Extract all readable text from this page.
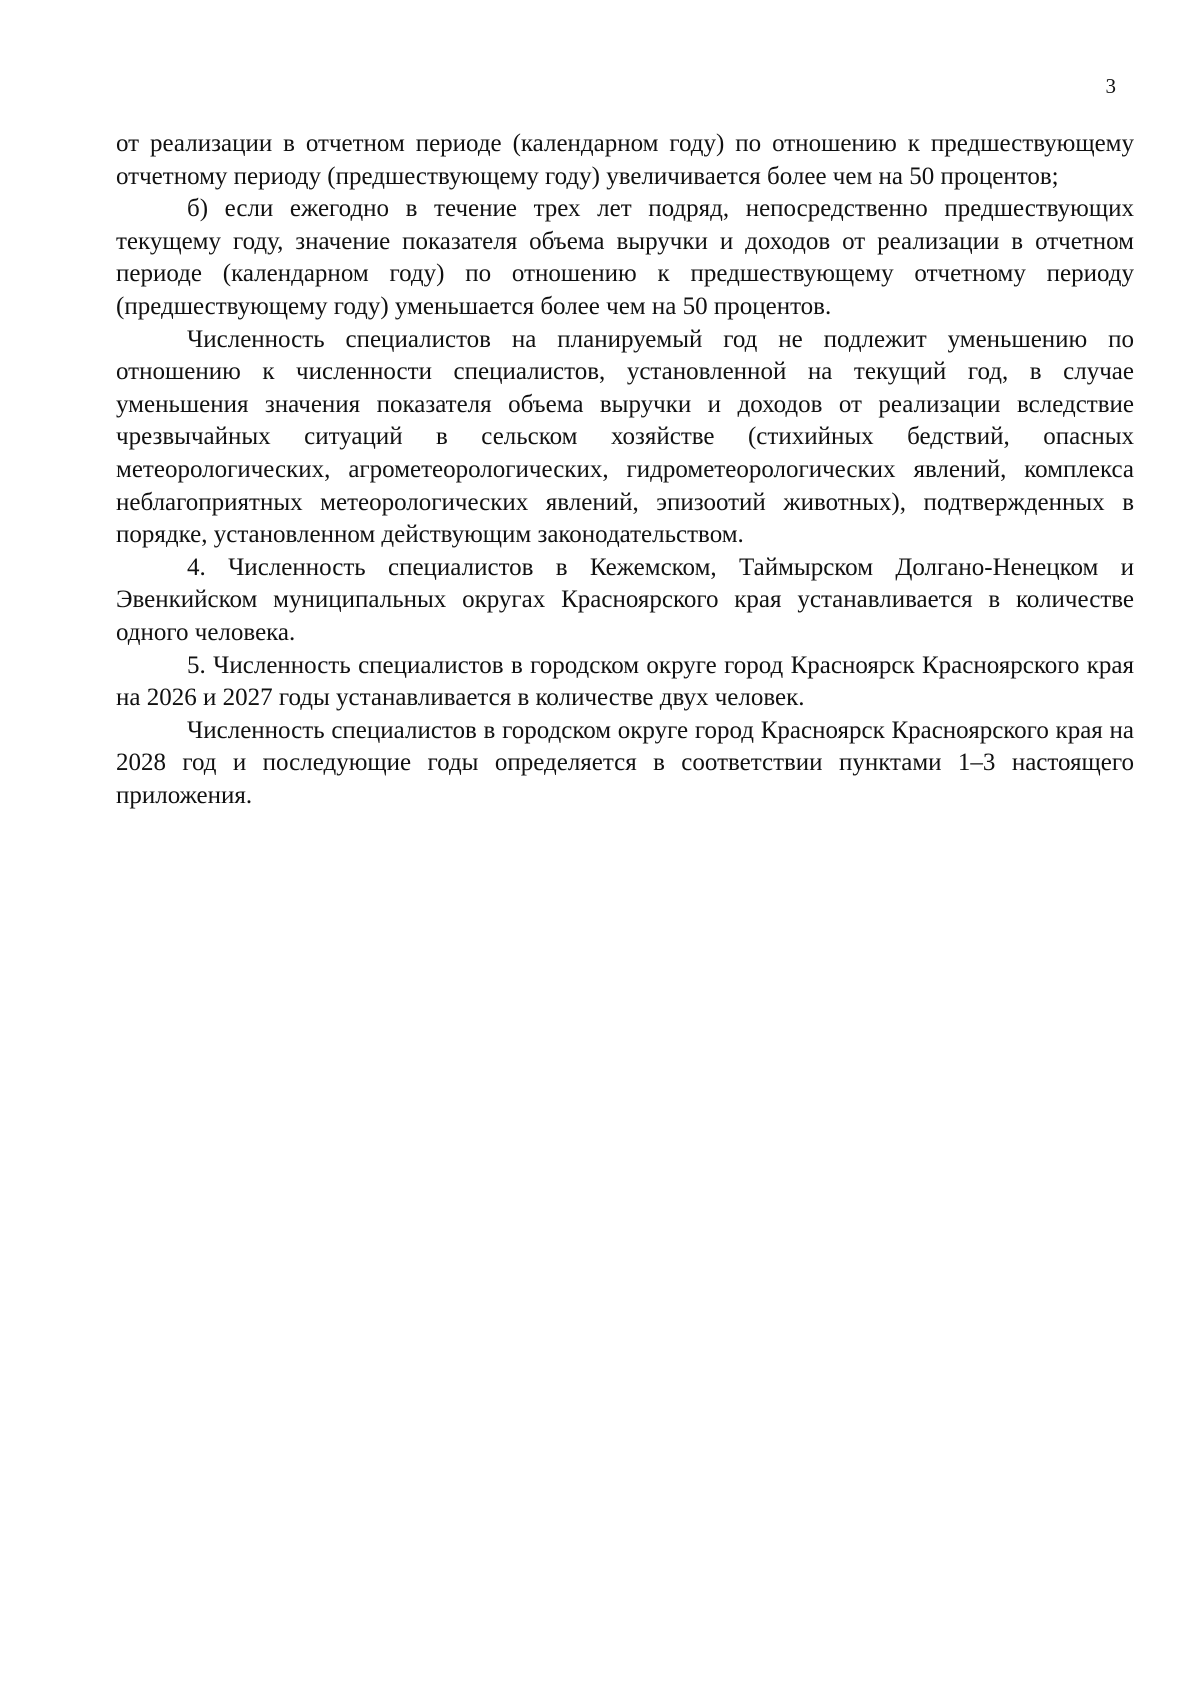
3

от реализации в отчетном периоде (календарном году) по отношению к предшествующему отчетному периоду (предшествующему году) увеличивается более чем на 50 процентов;

б) если ежегодно в течение трех лет подряд, непосредственно предшествующих текущему году, значение показателя объема выручки и доходов от реализации в отчетном периоде (календарном году) по отношению к предшествующему отчетному периоду (предшествующему году) уменьшается более чем на 50 процентов.

Численность специалистов на планируемый год не подлежит уменьшению по отношению к численности специалистов, установленной на текущий год, в случае уменьшения значения показателя объема выручки и доходов от реализации вследствие чрезвычайных ситуаций в сельском хозяйстве (стихийных бедствий, опасных метеорологических, агрометеорологических, гидрометеорологических явлений, комплекса неблагоприятных метеорологических явлений, эпизоотий животных), подтвержденных в порядке, установленном действующим законодательством.

4. Численность специалистов в Кежемском, Таймырском Долгано-Ненецком и Эвенкийском муниципальных округах Красноярского края устанавливается в количестве одного человека.

5. Численность специалистов в городском округе город Красноярск Красноярского края на 2026 и 2027 годы устанавливается в количестве двух человек.

Численность специалистов в городском округе город Красноярск Красноярского края на 2028 год и последующие годы определяется в соответствии пунктами 1–3 настоящего приложения.
